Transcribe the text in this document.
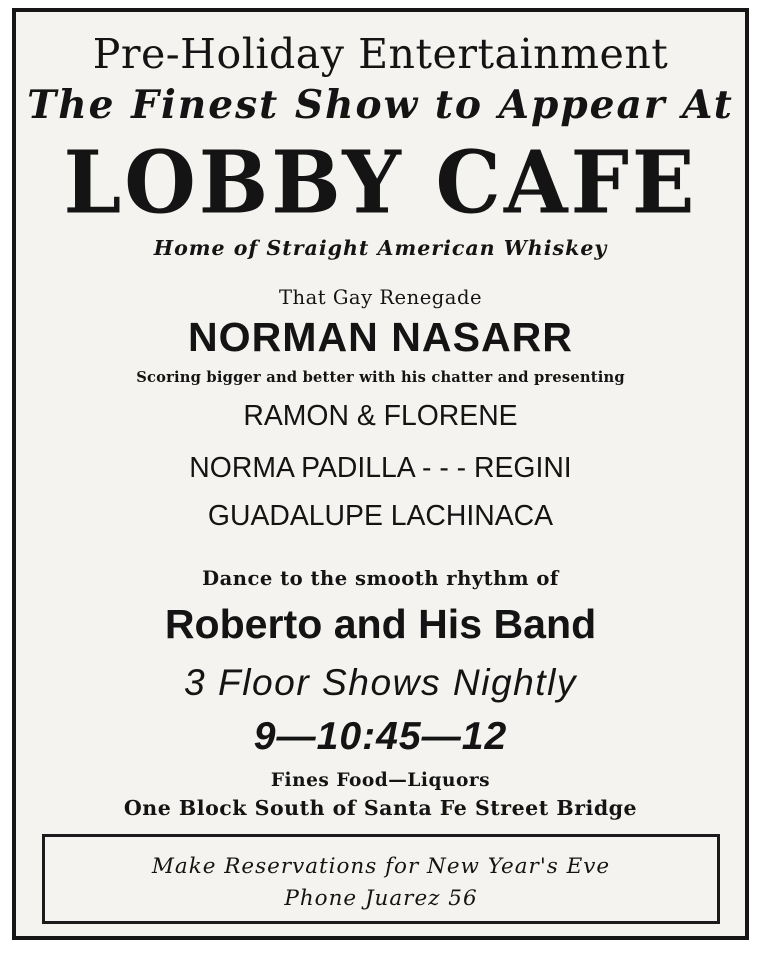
Pre-Holiday Entertainment

The Finest Show to Appear At

LOBBY CAFE

Home of Straight American Whiskey

That Gay Renegade

NORMAN NASARR

Scoring bigger and better with his chatter and presenting

RAMON & FLORENE

NORMA PADILLA - - - REGINI

GUADALUPE LACHINACA

Dance to the smooth rhythm of

Roberto and His Band

3 Floor Shows Nightly

9—10:45—12

Fines Food—Liquors

One Block South of Santa Fe Street Bridge

Make Reservations for New Year's Eve

Phone Juarez 56
